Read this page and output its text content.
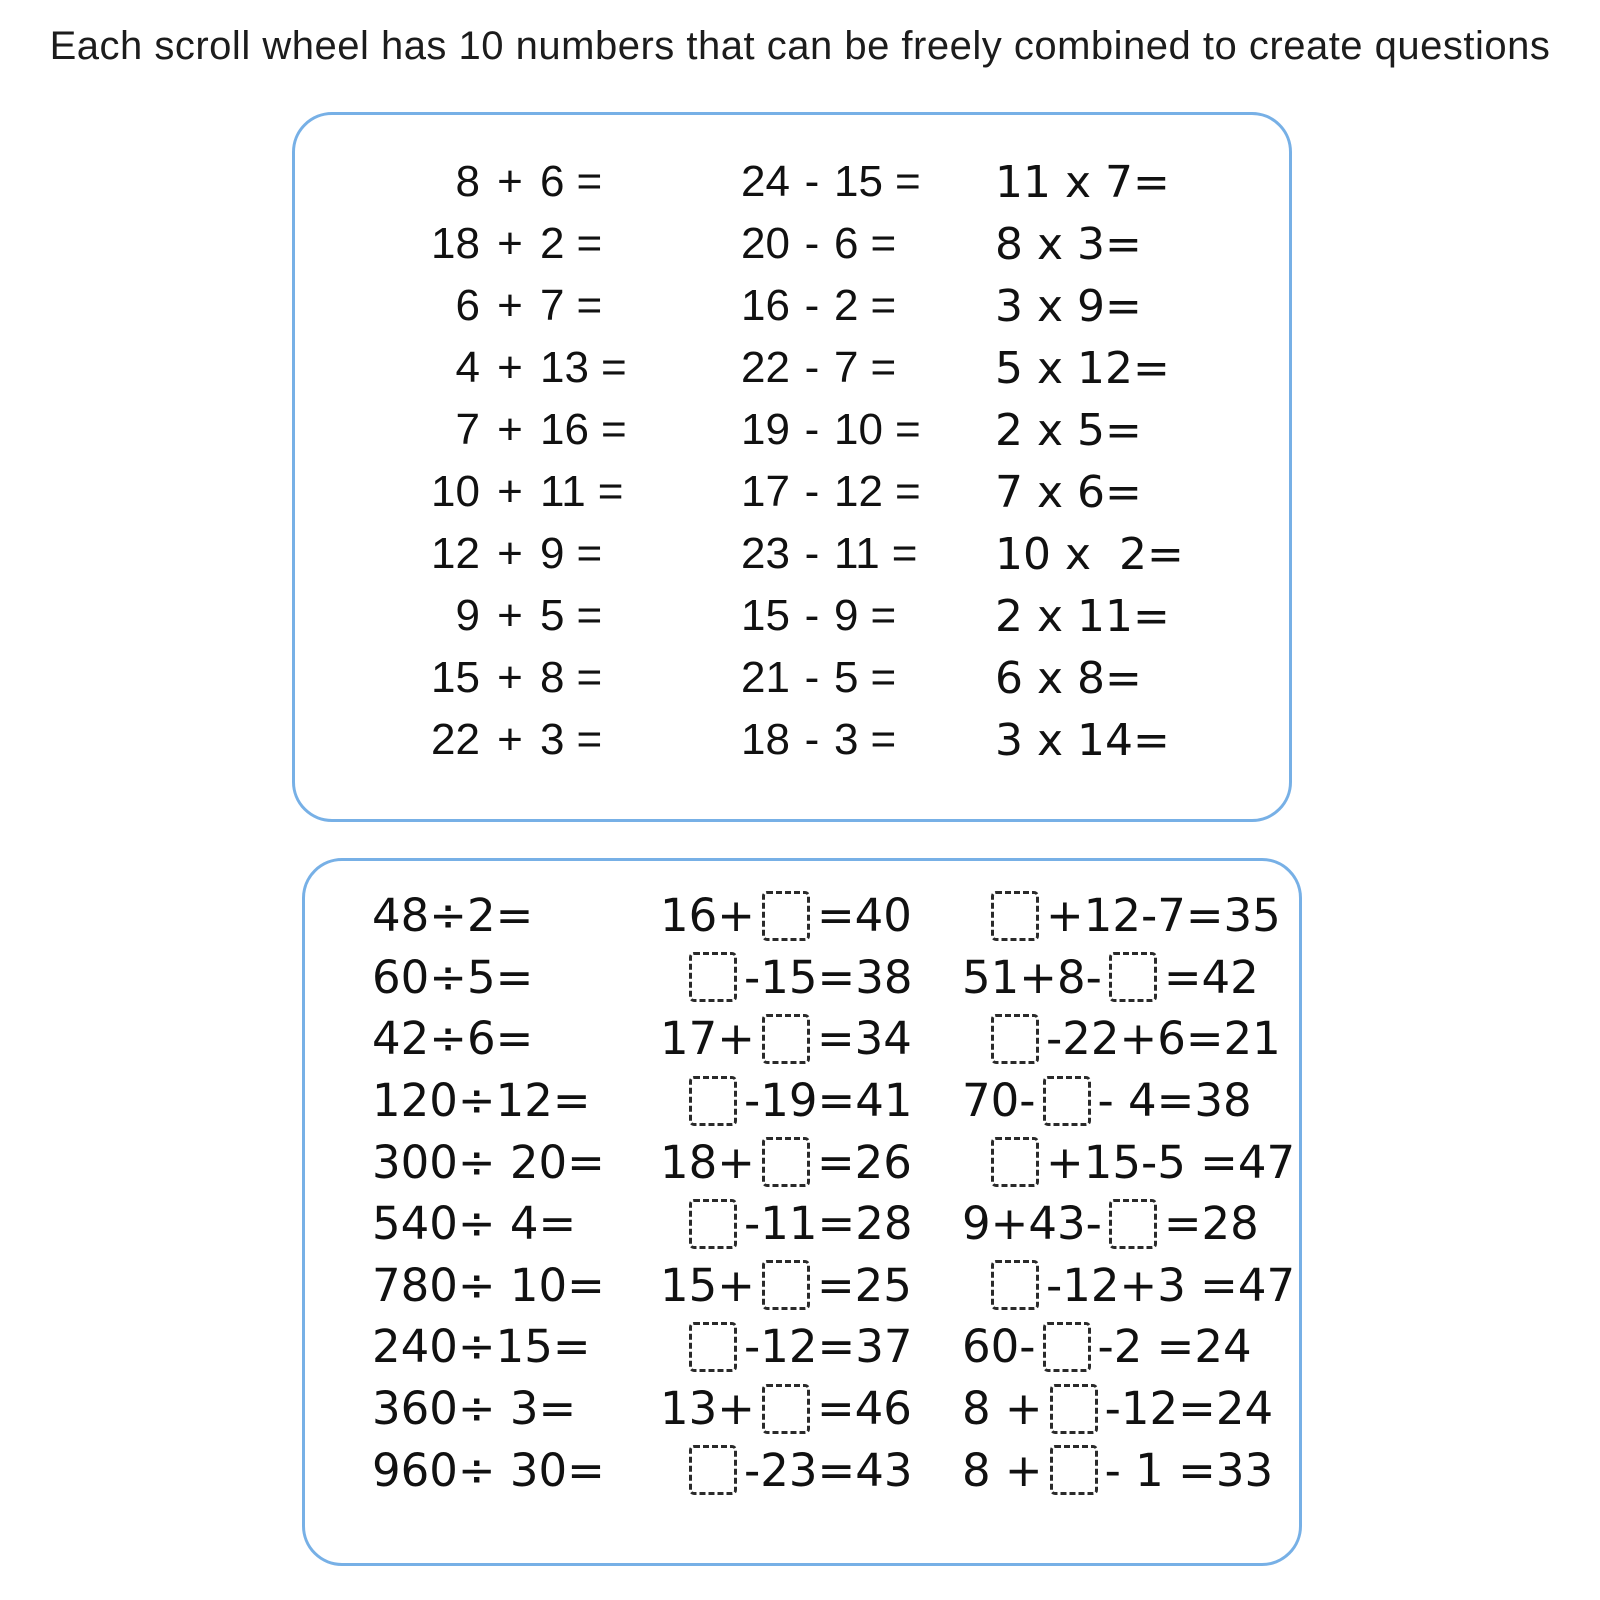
Each scroll wheel has 10 numbers that can be freely combined to create questions
8 + 6 =
18 + 2 =
6 + 7 =
4 + 13 =
7 + 16 =
10 + 11 =
12 + 9 =
9 + 5 =
15 + 8 =
22 + 3 =
24 - 15 =
20 - 6 =
16 - 2 =
22 - 7 =
19 - 10 =
17 - 12 =
23 - 11 =
15 - 9 =
21 - 5 =
18 - 3 =
11 x 7=
8 x 3=
3 x 9=
5 x 12=
2 x 5=
7 x 6=
10 x  2=
2 x 11=
6 x 8=
3 x 14=
48÷2=
60÷5=
42÷6=
120÷12=
300÷ 20=
540÷ 4=
780÷ 10=
240÷15=
360÷ 3=
960÷ 30=
16+ =40
-15=38
17+ =34
-19=41
18+ =26
-11=28
15+ =25
-12=37
13+ =46
-23=43
+12-7=35
51+8- =42
-22+6=21
70- - 4=38
+15-5 =47
9+43- =28
-12+3 =47
60- -2 =24
8 + -12=24
8 + - 1 =33
